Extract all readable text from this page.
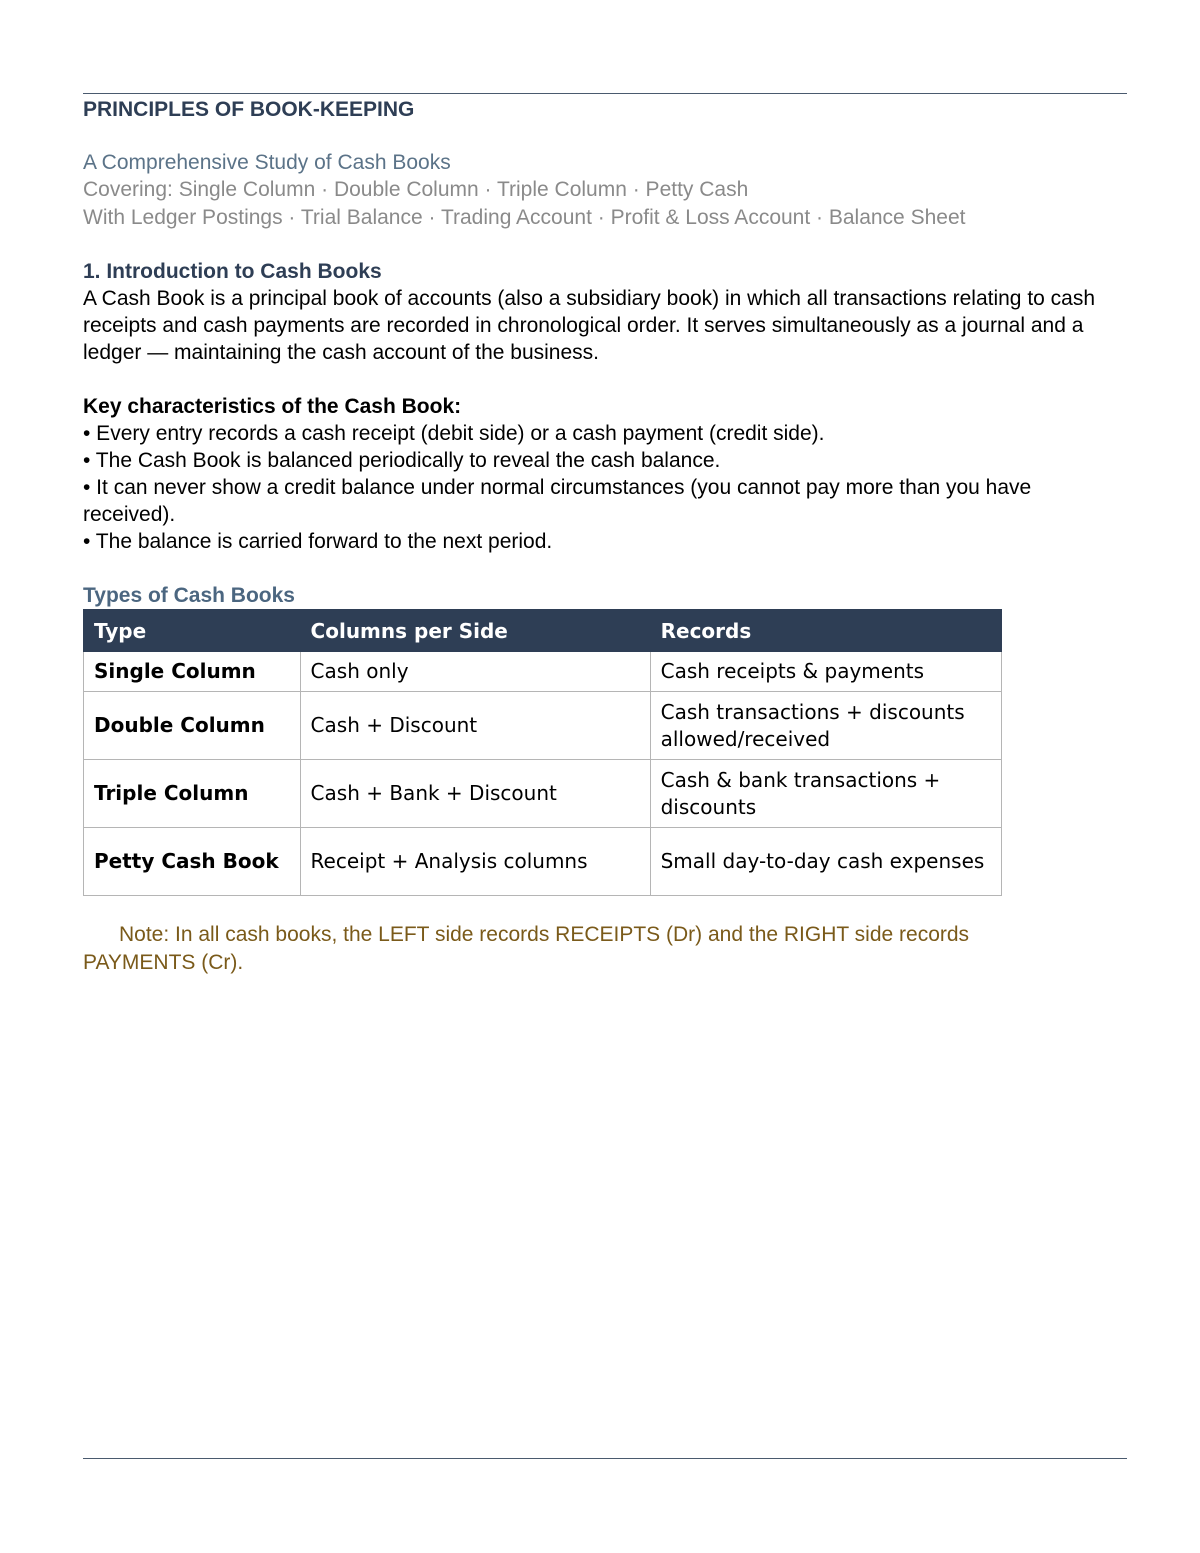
PRINCIPLES OF BOOK-KEEPING
A Comprehensive Study of Cash Books
Covering: Single Column · Double Column · Triple Column · Petty Cash
With Ledger Postings · Trial Balance · Trading Account · Profit & Loss Account · Balance Sheet
1. Introduction to Cash Books
A Cash Book is a principal book of accounts (also a subsidiary book) in which all transactions relating to cash receipts and cash payments are recorded in chronological order. It serves simultaneously as a journal and a ledger — maintaining the cash account of the business.
Key characteristics of the Cash Book:
• Every entry records a cash receipt (debit side) or a cash payment (credit side).
• The Cash Book is balanced periodically to reveal the cash balance.
• It can never show a credit balance under normal circumstances (you cannot pay more than you have received).
• The balance is carried forward to the next period.
Types of Cash Books
Type	Columns per Side	Records
Single Column	Cash only	Cash receipts & payments
Double Column	Cash + Discount	Cash transactions + discounts allowed/received
Triple Column	Cash + Bank + Discount	Cash & bank transactions + discounts
Petty Cash Book	Receipt + Analysis columns	Small day-to-day cash expenses
Note: In all cash books, the LEFT side records RECEIPTS (Dr) and the RIGHT side records PAYMENTS (Cr).
